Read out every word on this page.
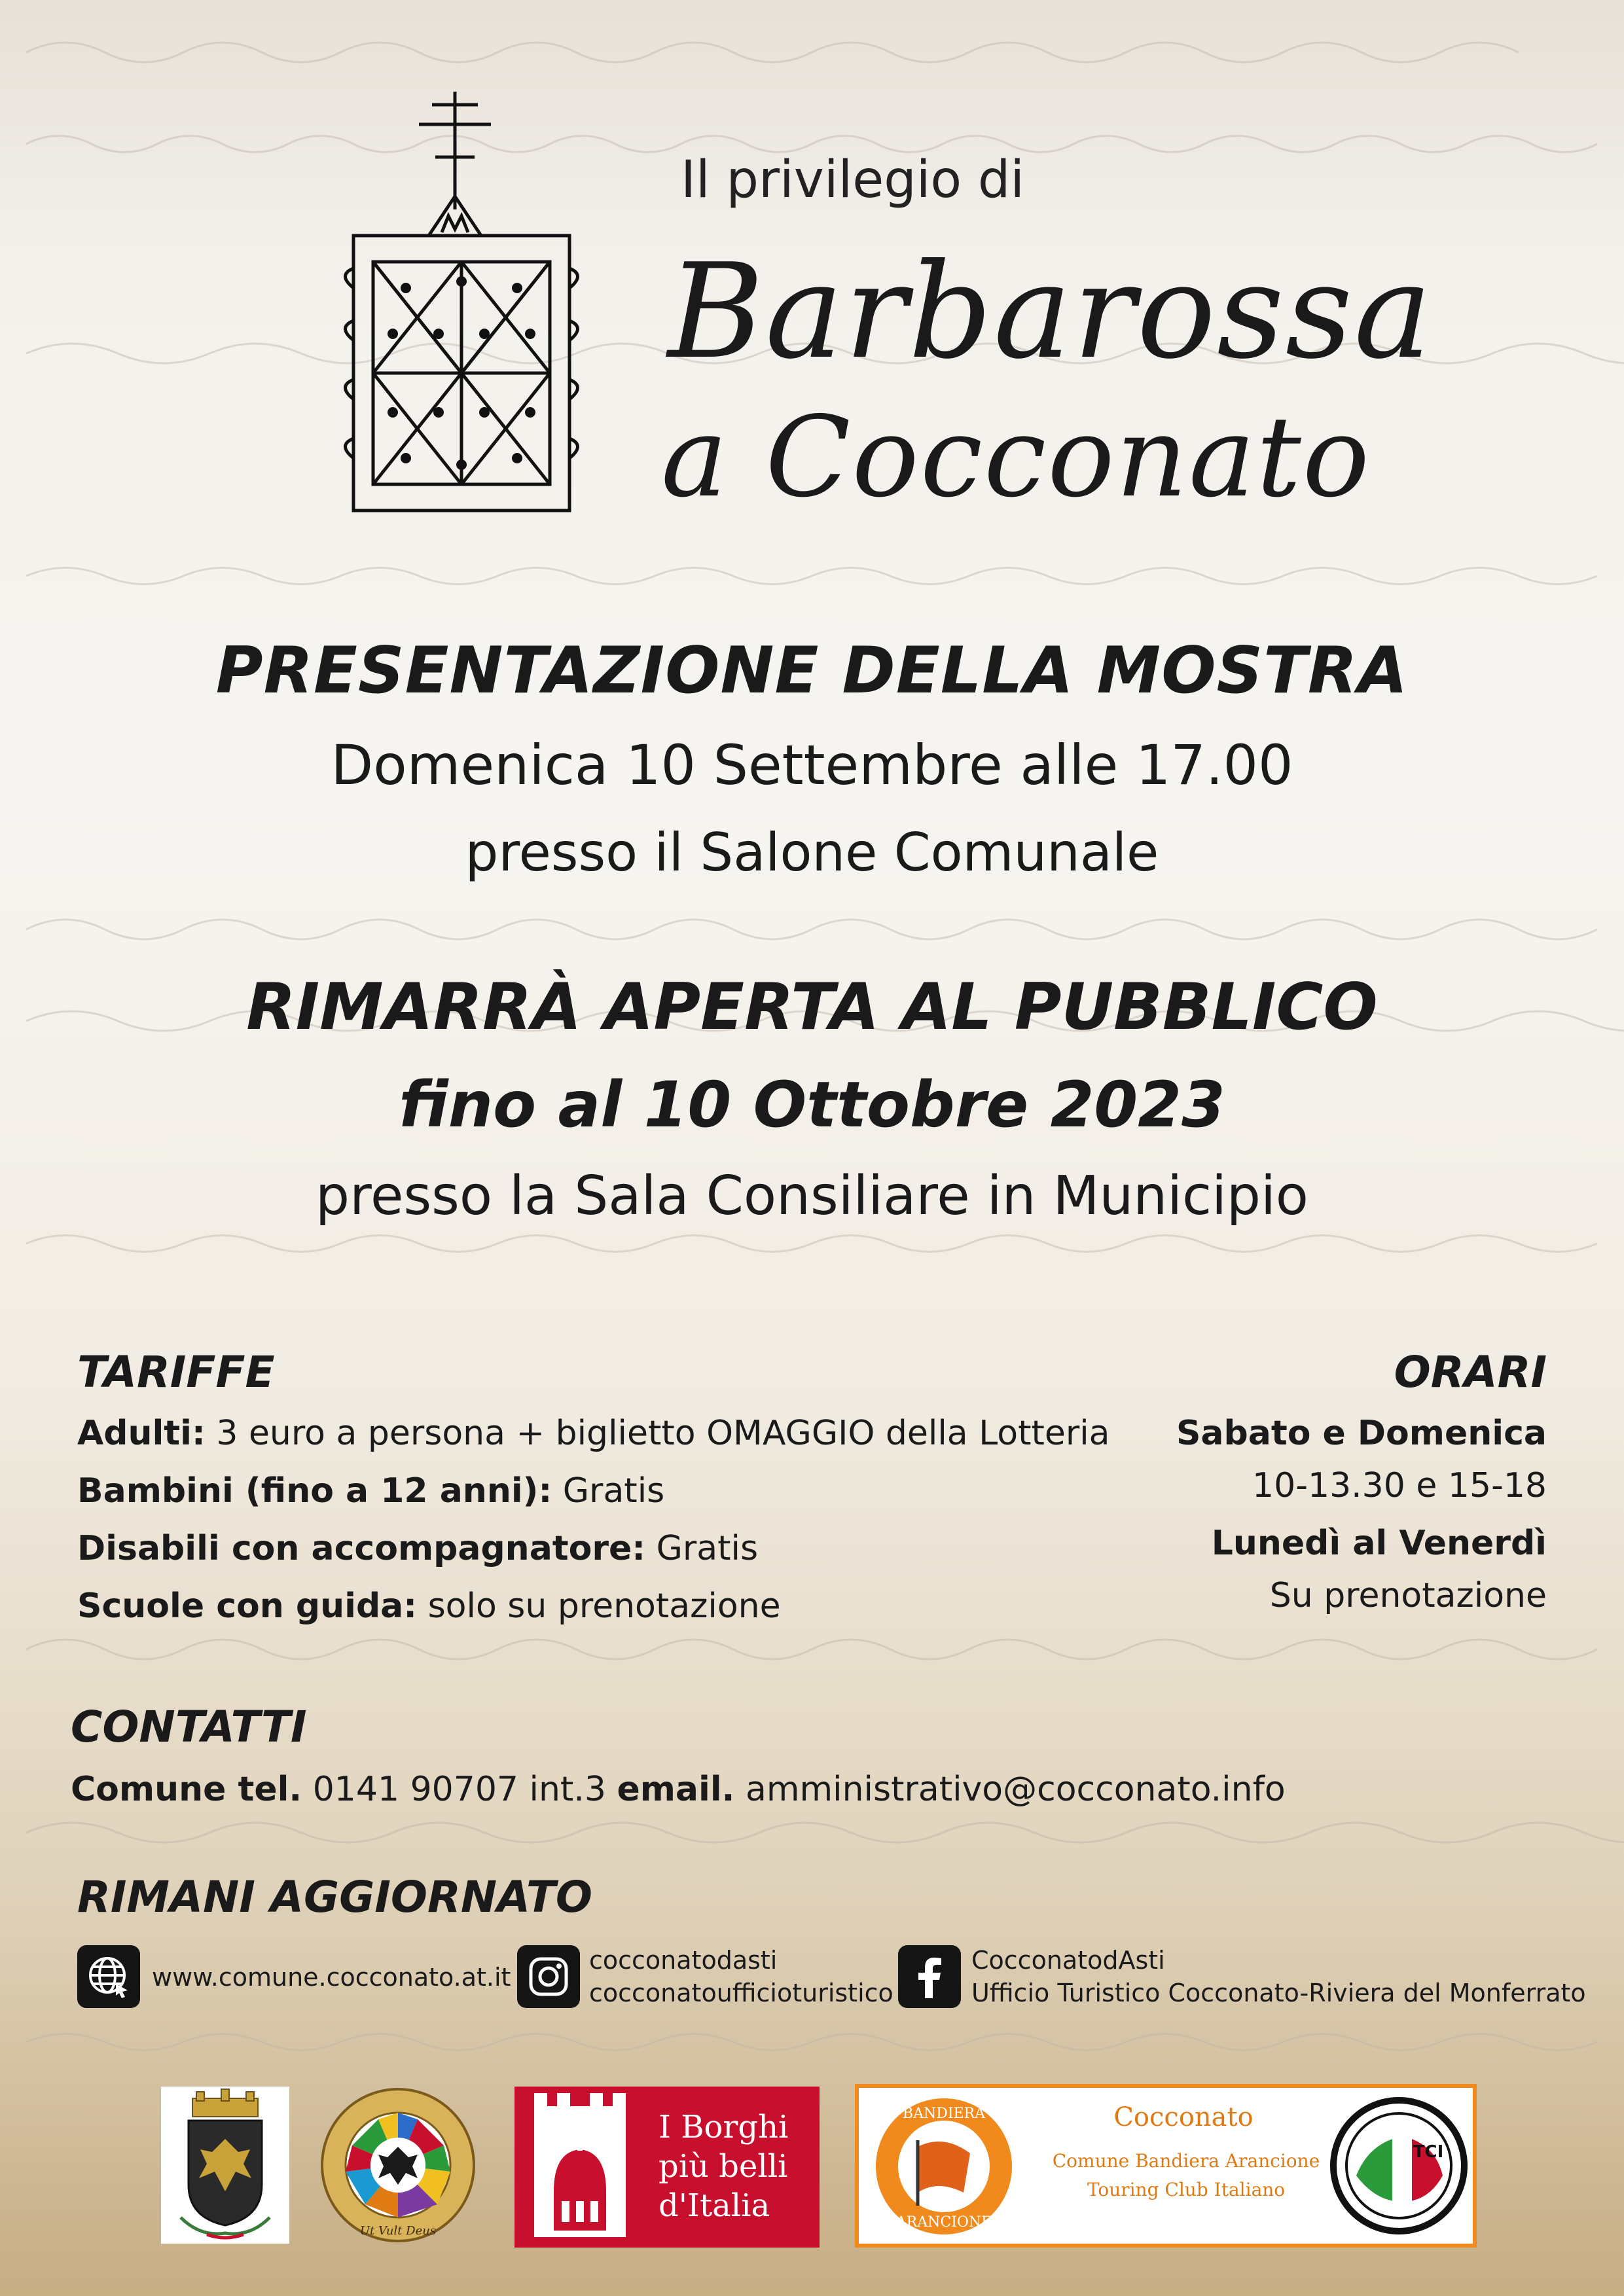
Il privilegio di
Barbarossa
a Cocconato
PRESENTAZIONE DELLA MOSTRA
Domenica 10 Settembre alle 17.00
presso il Salone Comunale
RIMARRÀ APERTA AL PUBBLICO
fino al 10 Ottobre 2023
presso la Sala Consiliare in Municipio
TARIFFE
Adulti: 3 euro a persona + biglietto OMAGGIO della Lotteria
Bambini (fino a 12 anni): Gratis
Disabili con accompagnatore: Gratis
Scuole con guida: solo su prenotazione
ORARI
Sabato e Domenica
10-13.30 e 15-18
Lunedì al Venerdì
Su prenotazione
CONTATTI
Comune tel. 0141 90707 int.3 email. amministrativo@cocconato.info
RIMANI AGGIORNATO
www.comune.cocconato.at.it
cocconatodasti
cocconatoufficioturistico
CocconatodAsti
Ufficio Turistico Cocconato-Riviera del Monferrato
Ut Vult Deus
I Borghi
più belli
d'Italia
BANDIERA
ARANCIONE
Cocconato
Comune Bandiera Arancione
Touring Club Italiano
TCI
